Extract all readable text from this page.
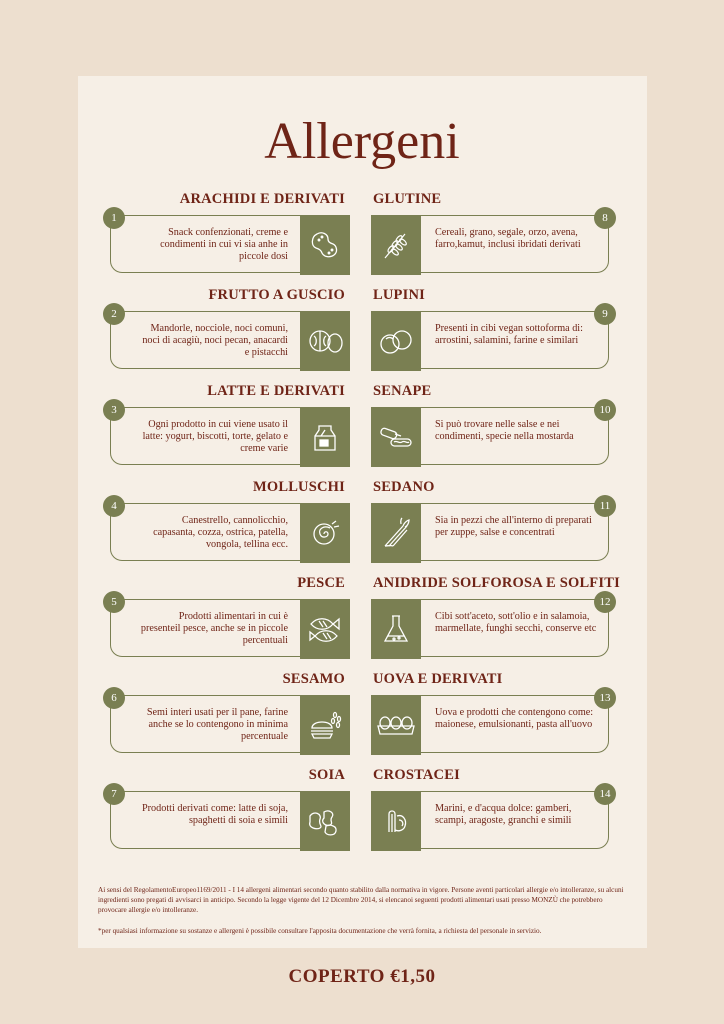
Allergeni
ARACHIDI E DERIVATI
1
Snack confenzionati, creme e condimenti in cui vi sia anhe in piccole dosi
GLUTINE
8
Cereali, grano, segale, orzo, avena, farro,kamut, inclusi ibridati derivati
FRUTTO A GUSCIO
2
Mandorle, nocciole, noci comuni, noci di acagiù, noci pecan, anacardi e pistacchi
LUPINI
9
Presenti in cibi vegan sottoforma di: arrostini, salamini, farine e similari
LATTE E DERIVATI
3
Ogni prodotto in cui viene usato il latte: yogurt, biscotti, torte, gelato e creme varie
SENAPE
10
Si può trovare nelle salse e nei condimenti, specie nella mostarda
MOLLUSCHI
4
Canestrello, cannolicchio, capasanta, cozza, ostrica, patella, vongola, tellina ecc.
SEDANO
11
Sia in pezzi che all'interno di preparati per zuppe, salse e concentrati
PESCE
5
Prodotti alimentari in cui è presenteil pesce, anche se in piccole percentuali
ANIDRIDE SOLFOROSA E SOLFITI
12
Cibi sott'aceto, sott'olio e in salamoia, marmellate, funghi secchi, conserve etc
SESAMO
6
Semi interi usati per il pane, farine anche se lo contengono in minima percentuale
UOVA E DERIVATI
13
Uova e prodotti che contengono come: maionese, emulsionanti, pasta all'uovo
SOIA
7
Prodotti derivati come: latte di soja, spaghetti di soia e simili
CROSTACEI
14
Marini, e d'acqua dolce: gamberi, scampi, aragoste, granchi e simili
Ai sensi del RegolamentoEuropeo1169/2011 - I 14 allergeni alimentari secondo quanto stabilito dalla normativa in vigore. Persone aventi particolari allergie e/o intolleranze, su alcuni ingredienti sono pregati di avvisarci in anticipo. Secondo la legge vigente del 12 Dicembre 2014, si elencanoi seguenti prodotti alimentari usati presso MONZÙ che potrebbero provocare allergie e/o intolleranze.
*per qualsiasi informazione su sostanze e allergeni è possibile consultare l'apposita documentazione che verrà fornita, a richiesta del personale in servizio.
COPERTO €1,50
